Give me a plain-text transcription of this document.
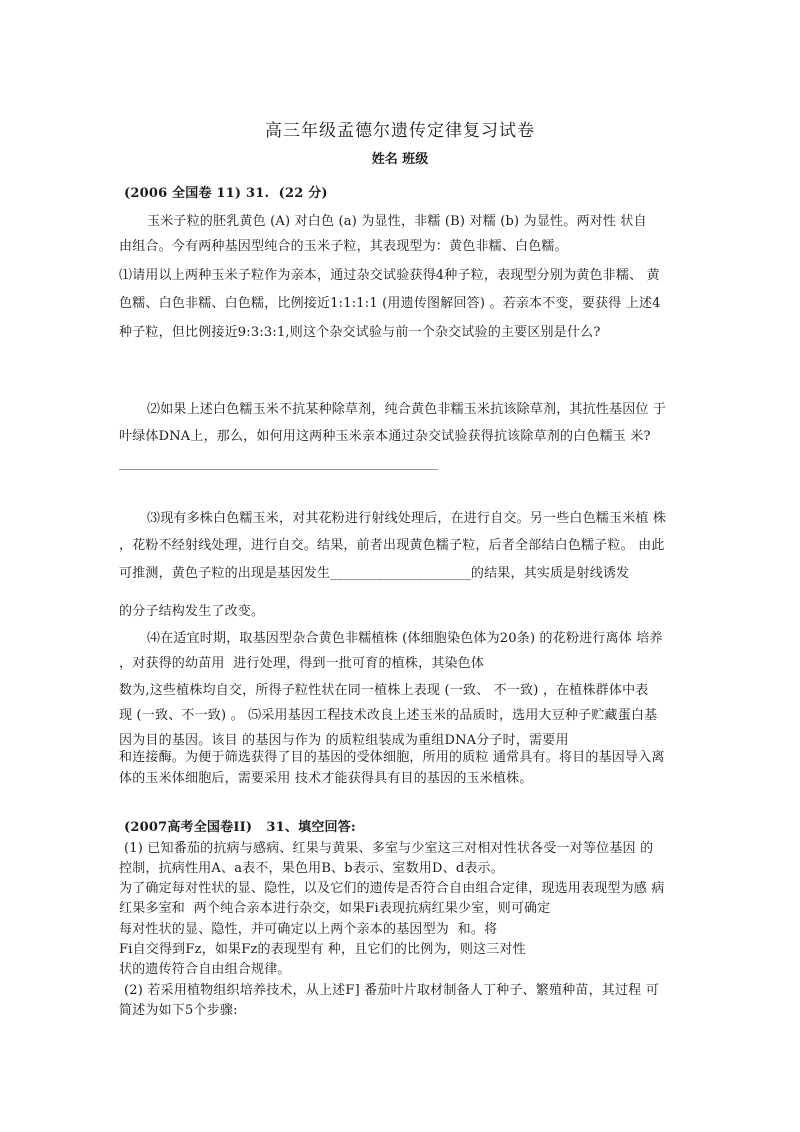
高三年级孟德尔遗传定律复习试卷
姓名 班级
(2006 全国卷 11) 31.  (22 分)
玉米子粒的胚乳黄色 (A) 对白色 (a) 为显性，非糯 (B) 对糯 (b) 为显性。两对性 状自
由组合。今有两种基因型纯合的玉米子粒，其表现型为：黄色非糯、白色糯。
⑴请用以上两种玉米子粒作为亲本，通过杂交试验获得4种子粒，表现型分别为黄色非糯、 黄
色糯、白色非糯、白色糯，比例接近1:1:1:1 (用遗传图解回答) 。若亲本不变，要获得 上述4
种子粒，但比例接近9:3:3:1,则这个杂交试验与前一个杂交试验的主要区别是什么?
⑵如果上述白色糯玉米不抗某种除草剂，纯合黄色非糯玉米抗该除草剂，其抗性基因位 于
叶绿体DNA上，那么，如何用这两种玉米亲本通过杂交试验获得抗该除草剂的白色糯玉 米?
__________________________________________________________
⑶现有多株白色糯玉米，对其花粉进行射线处理后，在进行自交。另一些白色糯玉米植 株
，花粉不经射线处理，进行自交。结果，前者出现黄色糯子粒，后者全部结白色糯子粒。 由此
可推测，黄色子粒的出现是基因发生_____________________的结果，其实质是射线诱发
的分子结构发生了改变。
⑷在适宜时期，取基因型杂合黄色非糯植株 (体细胞染色体为20条) 的花粉进行离体 培养
，对获得的幼苗用  进行处理，得到一批可育的植株，其染色体
数为,这些植株均自交，所得子粒性状在同一植株上表现 (一致、 不一致) ，在植株群体中表
现 (一致、不一致) 。 ⑸采用基因工程技术改良上述玉米的品质时，选用大豆种子贮藏蛋白基
因为目的基因。该目 的基因与作为 的质粒组装成为重组DNA分子时，需要用
和连接酶。为便于筛选获得了目的基因的受体细胞，所用的质粒 通常具有。将目的基因导入离
体的玉米体细胞后，需要采用 技术才能获得具有目的基因的玉米植株。
(2007高考全国卷II)   31、填空回答:
(1) 已知番茄的抗病与感病、红果与黄果、多室与少室这三对相对性状各受一对等位基因 的
控制，抗病性用A、a表不，果色用B、b表示、室数用D、d表示。
为了确定每对性状的显、隐性，以及它们的遗传是否符合自由组合定律，现选用表现型为感 病
红果多室和  两个纯合亲本进行杂交，如果Fi表现抗病红果少室，则可确定
每对性状的显、隐性，并可确定以上两个亲本的基因型为  和。将
Fi自交得到Fz，如果Fz的表现型有 种，且它们的比例为，则这三对性
状的遗传符合自由组合规律。
(2) 若采用植物组织培养技术，从上述F] 番茄叶片取材制备人丁种子、繁殖种苗，其过程 可
简述为如下5个步骤:
